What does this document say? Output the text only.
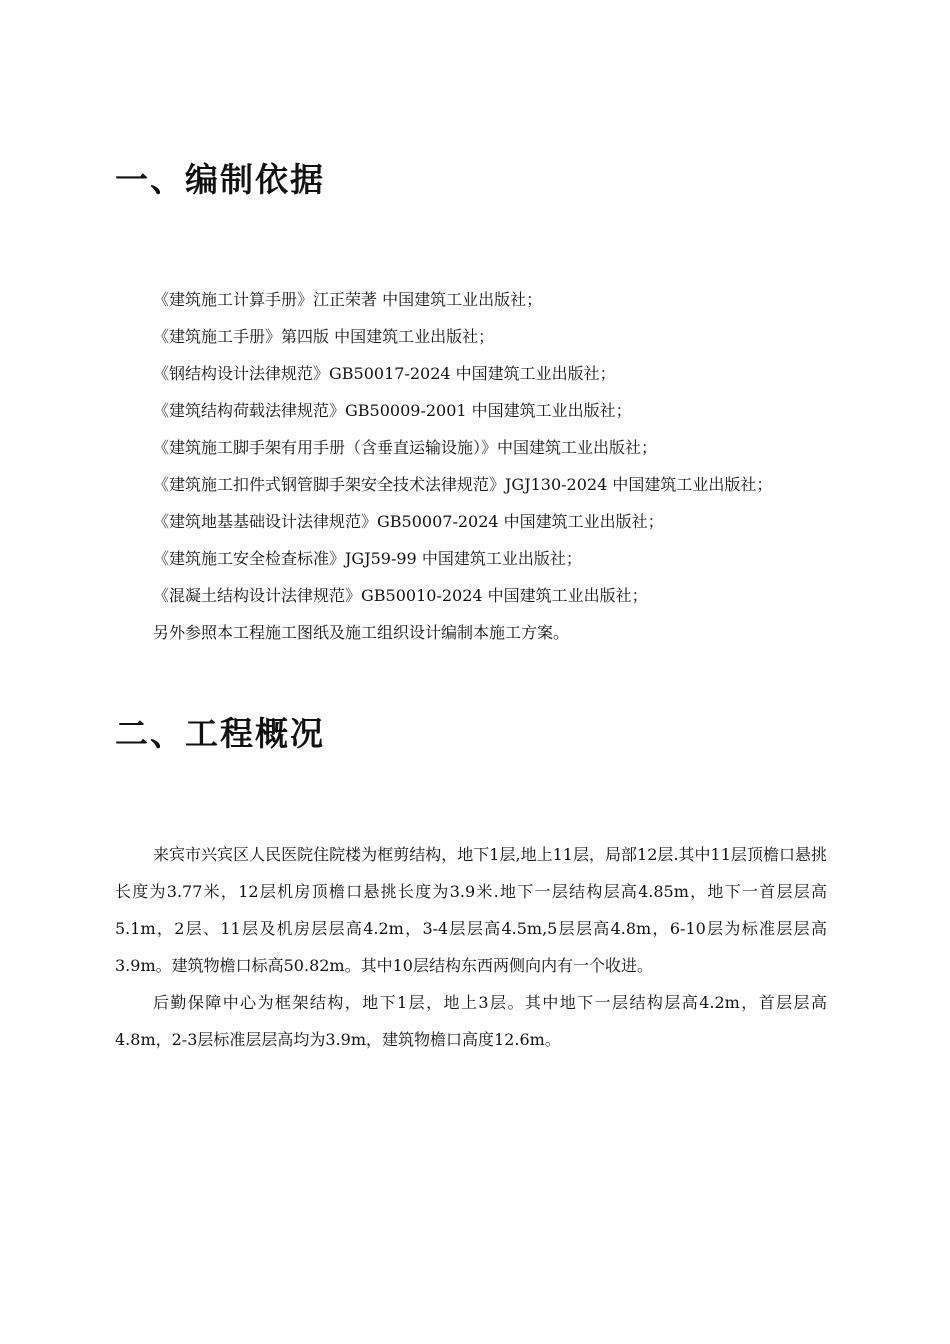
一、编制依据

《建筑施工计算手册》江正荣著 中国建筑工业出版社；

《建筑施工手册》第四版 中国建筑工业出版社；

《钢结构设计法律规范》GB50017-2024 中国建筑工业出版社；

《建筑结构荷载法律规范》GB50009-2001 中国建筑工业出版社；

《建筑施工脚手架有用手册（含垂直运输设施）》中国建筑工业出版社；

《建筑施工扣件式钢管脚手架安全技术法律规范》JGJ130-2024 中国建筑工业出版社；

《建筑地基基础设计法律规范》GB50007-2024 中国建筑工业出版社；

《建筑施工安全检查标准》JGJ59-99 中国建筑工业出版社；

《混凝土结构设计法律规范》GB50010-2024 中国建筑工业出版社；

另外参照本工程施工图纸及施工组织设计编制本施工方案。

二、工程概况

来宾市兴宾区人民医院住院楼为框剪结构，地下1层,地上11层，局部12层.其中11层顶檐口悬挑长度为3.77米，12层机房顶檐口悬挑长度为3.9米.地下一层结构层高4.85m，地下一首层层高5.1m，2层、11层及机房层层高4.2m，3-4层层高4.5m,5层层高4.8m，6-10层为标准层层高3.9m。建筑物檐口标高50.82m。其中10层结构东西两侧向内有一个收进。

后勤保障中心为框架结构，地下1层，地上3层。其中地下一层结构层高4.2m，首层层高4.8m，2-3层标准层层高均为3.9m，建筑物檐口高度12.6m。
